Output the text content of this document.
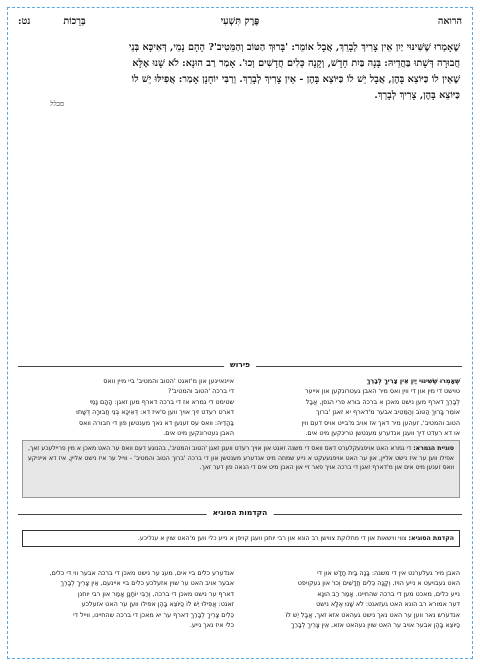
הרואה
פֶּרֶק תִּשְׁעִי
בְּרָכוֹת          נט:
שֶׁאָמְרוּ שֶׁשִּׁינּוּי יַיִן אֵין צָרִיךְ לְבָרֵךְ, אֲבָל אוֹמֵר: 'בָּרוּךְ הַטּוֹב וְהַמֵּטִיב'? הָהָם נָמֵי, דְּאִיכָּא בְּנֵי
חֲבוּרָה דְּשָׁתוּ בַּהֲדֵיהּ: בָּנָה בַּיִת חָדָשׁ, וְקָנָה כֵּלִים חֲדָשִׁים וְכוּ'. אָמַר רַב הוּנָא: לֹא שָׁנוּ אֶלָּא
שֶׁאֵין לוֹ כַּיּוֹצֵא בָּהֶן, אֲבָל יֵשׁ לוֹ כַּיּוֹצֵא בָּהֶן - אֵין צָרִיךְ לְבָרֵךְ. וְרַבִּי יוֹחָנָן אָמַר: אֲפִילּוּ יֵשׁ לוֹ
כַּיּוֹצֵא בָּהֶן, צָרִיךְ לְבָרֵךְ.
מבלל
פירוש
שֶׁאָמְרוּ שֶׁשִּׁינּוּי יַיִן אֵין צָרִיךְ לְבָרֵךְ
טוישט די מין און די ווין ואס מיר האבן געטרונקען און אייער
לְבָרֵךְ דארף מען נישט מאכן א ברכה בורא פרי הגפן, אֲבָל
אוֹמֵר בָּרוּךְ הַטּוֹב וְהַמֵּטִיב אבער מ'דארף יא זאגן 'ברוך
הטוב והמטיב', זעהען מיר דאך אז אויב מ'בייט אויס דעם ווין
או דא רעדט דיך וועגן אנדערע מענטשן טרינקען מיט אים.
איינאייגען און מ'זאגט 'הטוב והמטיב' ביי מיין וואס
די ברכה 'הטוב והמטיב'?
שטימט די גמרא אז די ברכה דארף מען זאגן: הָהָם נָמֵי
דארט רעדט זיך אויך ווען ס'איז דא: דְּאִיכָּא בְּנֵי חֲבוּרָה דְּשָׁתוּ
בַּהֲדֵיהּ: וואס עס זענען דא נאך מענטשן פון די חבורה וואס
האבן געטרונקען מיט אים.
סוגיית הגמרא: די גמרא האט אויפגעקלערט דאס וואס די משנה זאגט און אויך רעדט וועגן זאגן 'הטוב והמטיב', בהנוגע דעם וואס ער האט מאכן א מין פריילעכע זאך, אפילו ווען ער איז נישט אליין, און ער האט אויפגעעקט א נייע שמחה מיט אנדערע מענטשן און די ברכה 'ברוך הטוב והמטיב' - ווייל ער איז נישט אליין, איז דא אייניקע וואס זענען מיט אים און מ'דארף זאגן די ברכה אויך פאר זיי און האבן מיט אים די הנאה פון דער זאך.
הקדמות הסוגיא
הקדמת הסוגיא: צווי ווישאות און די מחלוקת צווישן רב הונא און רבי יוחנן וועגן קויפן א נייע כלי ווען מ'האט שוין א ענליכע.
האבן מיר געלערנט אין די משנה: בָּנָה בַּיִת חָדָשׁ און די
האט געבויעט א נייע הויז, וְקָנָה כֵּלִים חֲדָשִׁים וְכוּ' און געקויפט
נייע כלים, מאכט מען די ברכה שהחיינו. אָמַר רַב הוּנָא
דער אמורא רב הונא האט געזאגט: לֹא שָׁנוּ אֶלָּא נישט
אנדערש נאר ווען ער האט נאך נישט געהאט אזא זאך, אֲבָל יֵשׁ לוֹ
כַּיּוֹצֵא בָּהֶן אבער אויב ער האט שוין געהאט אזא, אֵין צָרִיךְ לְבָרֵךְ
אנדערע כלים ביי אים, מעג ער נישט מאכן די ברכה אבער ווי די כלים,
אבער אויב האט ער שוין אזעלכע כלים ביי איינעם, אֵין צָרִיךְ לְבָרֵךְ
דארף ער נישט מאכן די ברכה, וְרַבִּי יוֹחָנָן אָמַר און רבי יוחנן
זאגט: אֲפִילּוּ יֵשׁ לוֹ כַּיּוֹצֵא בָּהֶן אפילו ווען ער האט אזעלכע
כֵּלִים צָרִיךְ לְבָרֵךְ דארף ער יא מאכן די ברכה שהחיינו, ווייל די
כלי איז נאך נייע.
